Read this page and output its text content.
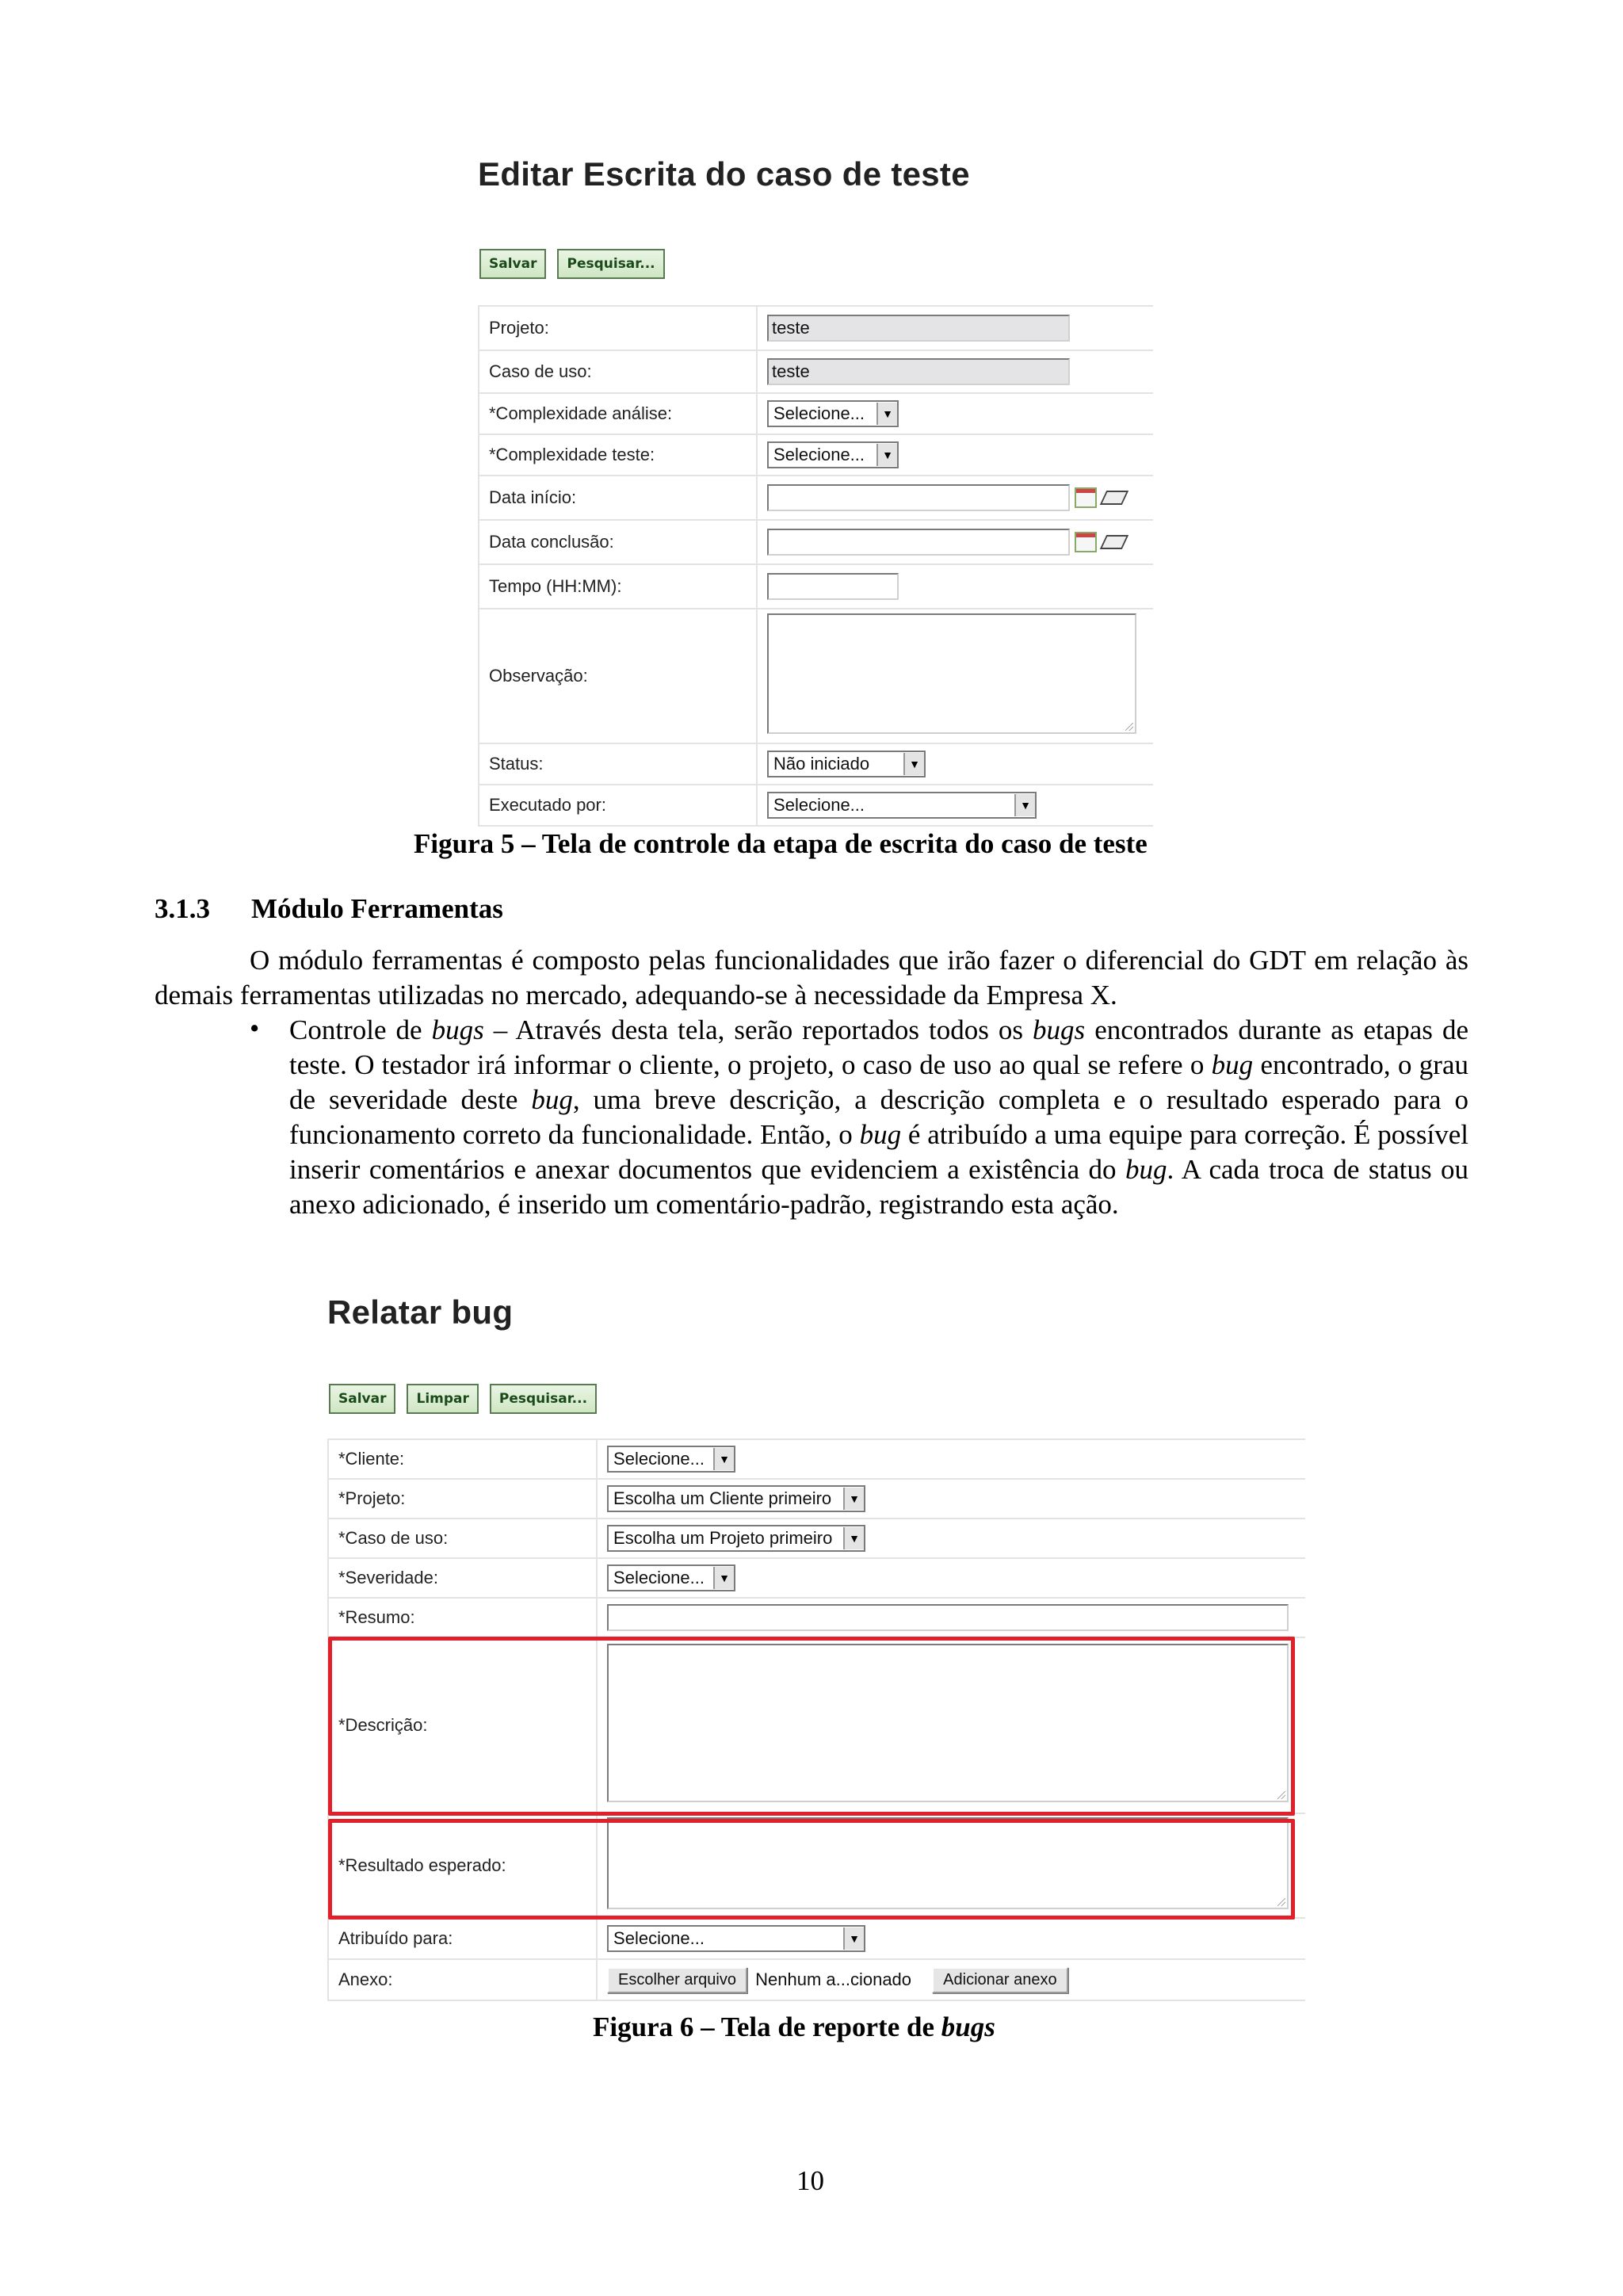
Editar Escrita do caso de teste
Salvar	Pesquisar...
Projeto:	teste
Caso de uso:	teste
*Complexidade análise:	Selecione... ▼

*Complexidade teste:	Selecione... ▼

Data início:	
Data conclusão:	
Tempo (HH:MM):	
Observação:	
Status:	Não iniciado ▼

Executado por:	Selecione... ▼
Figura 5 – Tela de controle da etapa de escrita do caso de teste
3.1.3 Módulo Ferramentas
O módulo ferramentas é composto pelas funcionalidades que irão fazer o diferencial do GDT em relação às demais ferramentas utilizadas no mercado, adequando-se à necessidade da Empresa X.
• Controle de bugs – Através desta tela, serão reportados todos os bugs encontrados durante as etapas de teste. O testador irá informar o cliente, o projeto, o caso de uso ao qual se refere o bug encontrado, o grau de severidade deste bug, uma breve descrição, a descrição completa e o resultado esperado para o funcionamento correto da funcionalidade. Então, o bug é atribuído a uma equipe para correção. É possível inserir comentários e anexar documentos que evidenciem a existência do bug. A cada troca de status ou anexo adicionado, é inserido um comentário-padrão, registrando esta ação.
Relatar bug
Salvar	Limpar	Pesquisar...
*Cliente:	Selecione... ▼

*Projeto:	Escolha um Cliente primeiro ▼

*Caso de uso:	Escolha um Projeto primeiro ▼

*Severidade:	Selecione... ▼

*Resumo:	
*Descrição:	
*Resultado esperado:	
Atribuído para:	Selecione... ▼

Anexo:	Escolher arquivo Nenhum a...cionado Adicionar anexo
Figura 6 – Tela de reporte de bugs
10
